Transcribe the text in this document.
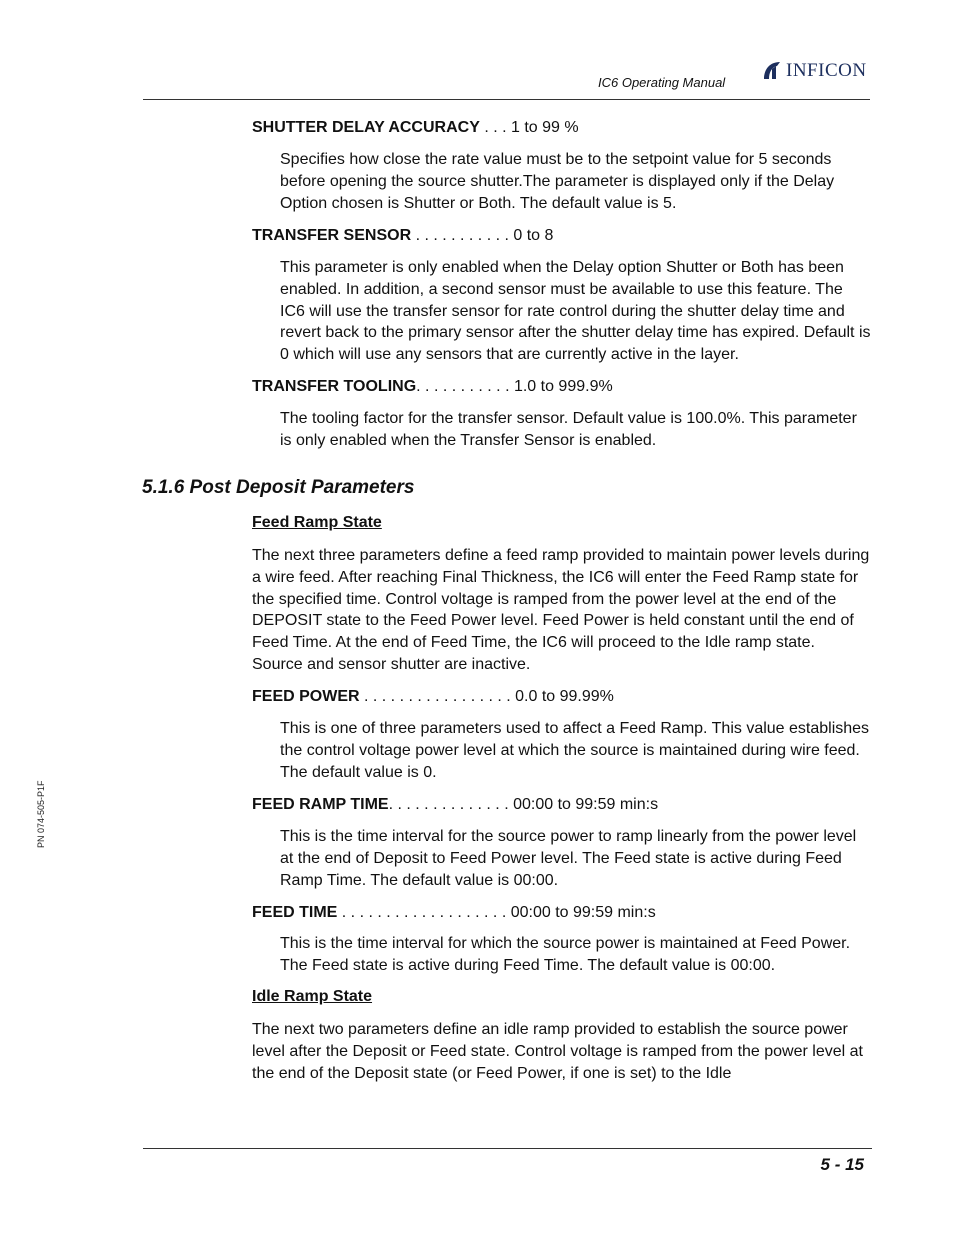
IC6 Operating Manual
INFICON
PN 074-505-P1F
SHUTTER DELAY ACCURACY . . . 1 to 99 %
Specifies how close the rate value must be to the setpoint value for 5 seconds before opening the source shutter.The parameter is displayed only if the Delay Option chosen is Shutter or Both. The default value is 5.
TRANSFER SENSOR . . . . . . . . . . . 0 to 8
This parameter is only enabled when the Delay option Shutter or Both has been enabled. In addition, a second sensor must be available to use this feature. The IC6 will use the transfer sensor for rate control during the shutter delay time and revert back to the primary sensor after the shutter delay time has expired. Default is 0 which will use any sensors that are currently active in the layer.
TRANSFER TOOLING. . . . . . . . . . . 1.0 to 999.9%
The tooling factor for the transfer sensor. Default value is 100.0%. This parameter is only enabled when the Transfer Sensor is enabled.
5.1.6 Post Deposit Parameters
Feed Ramp State
The next three parameters define a feed ramp provided to maintain power levels during a wire feed. After reaching Final Thickness, the IC6 will enter the Feed Ramp state for the specified time. Control voltage is ramped from the power level at the end of the DEPOSIT state to the Feed Power level. Feed Power is held constant until the end of Feed Time. At the end of Feed Time, the IC6 will proceed to the Idle ramp state. Source and sensor shutter are inactive.
FEED POWER . . . . . . . . . . . . . . . . . 0.0 to 99.99%
This is one of three parameters used to affect a Feed Ramp. This value establishes the control voltage power level at which the source is maintained during wire feed. The default value is 0.
FEED RAMP TIME. . . . . . . . . . . . . . 00:00 to 99:59 min:s
This is the time interval for the source power to ramp linearly from the power level at the end of Deposit to Feed Power level. The Feed state is active during Feed Ramp Time. The default value is 00:00.
FEED TIME . . . . . . . . . . . . . . . . . . . 00:00 to 99:59 min:s
This is the time interval for which the source power is maintained at Feed Power. The Feed state is active during Feed Time. The default value is 00:00.
Idle Ramp State
The next two parameters define an idle ramp provided to establish the source power level after the Deposit or Feed state. Control voltage is ramped from the power level at the end of the Deposit state (or Feed Power, if one is set) to the Idle
5 - 15
